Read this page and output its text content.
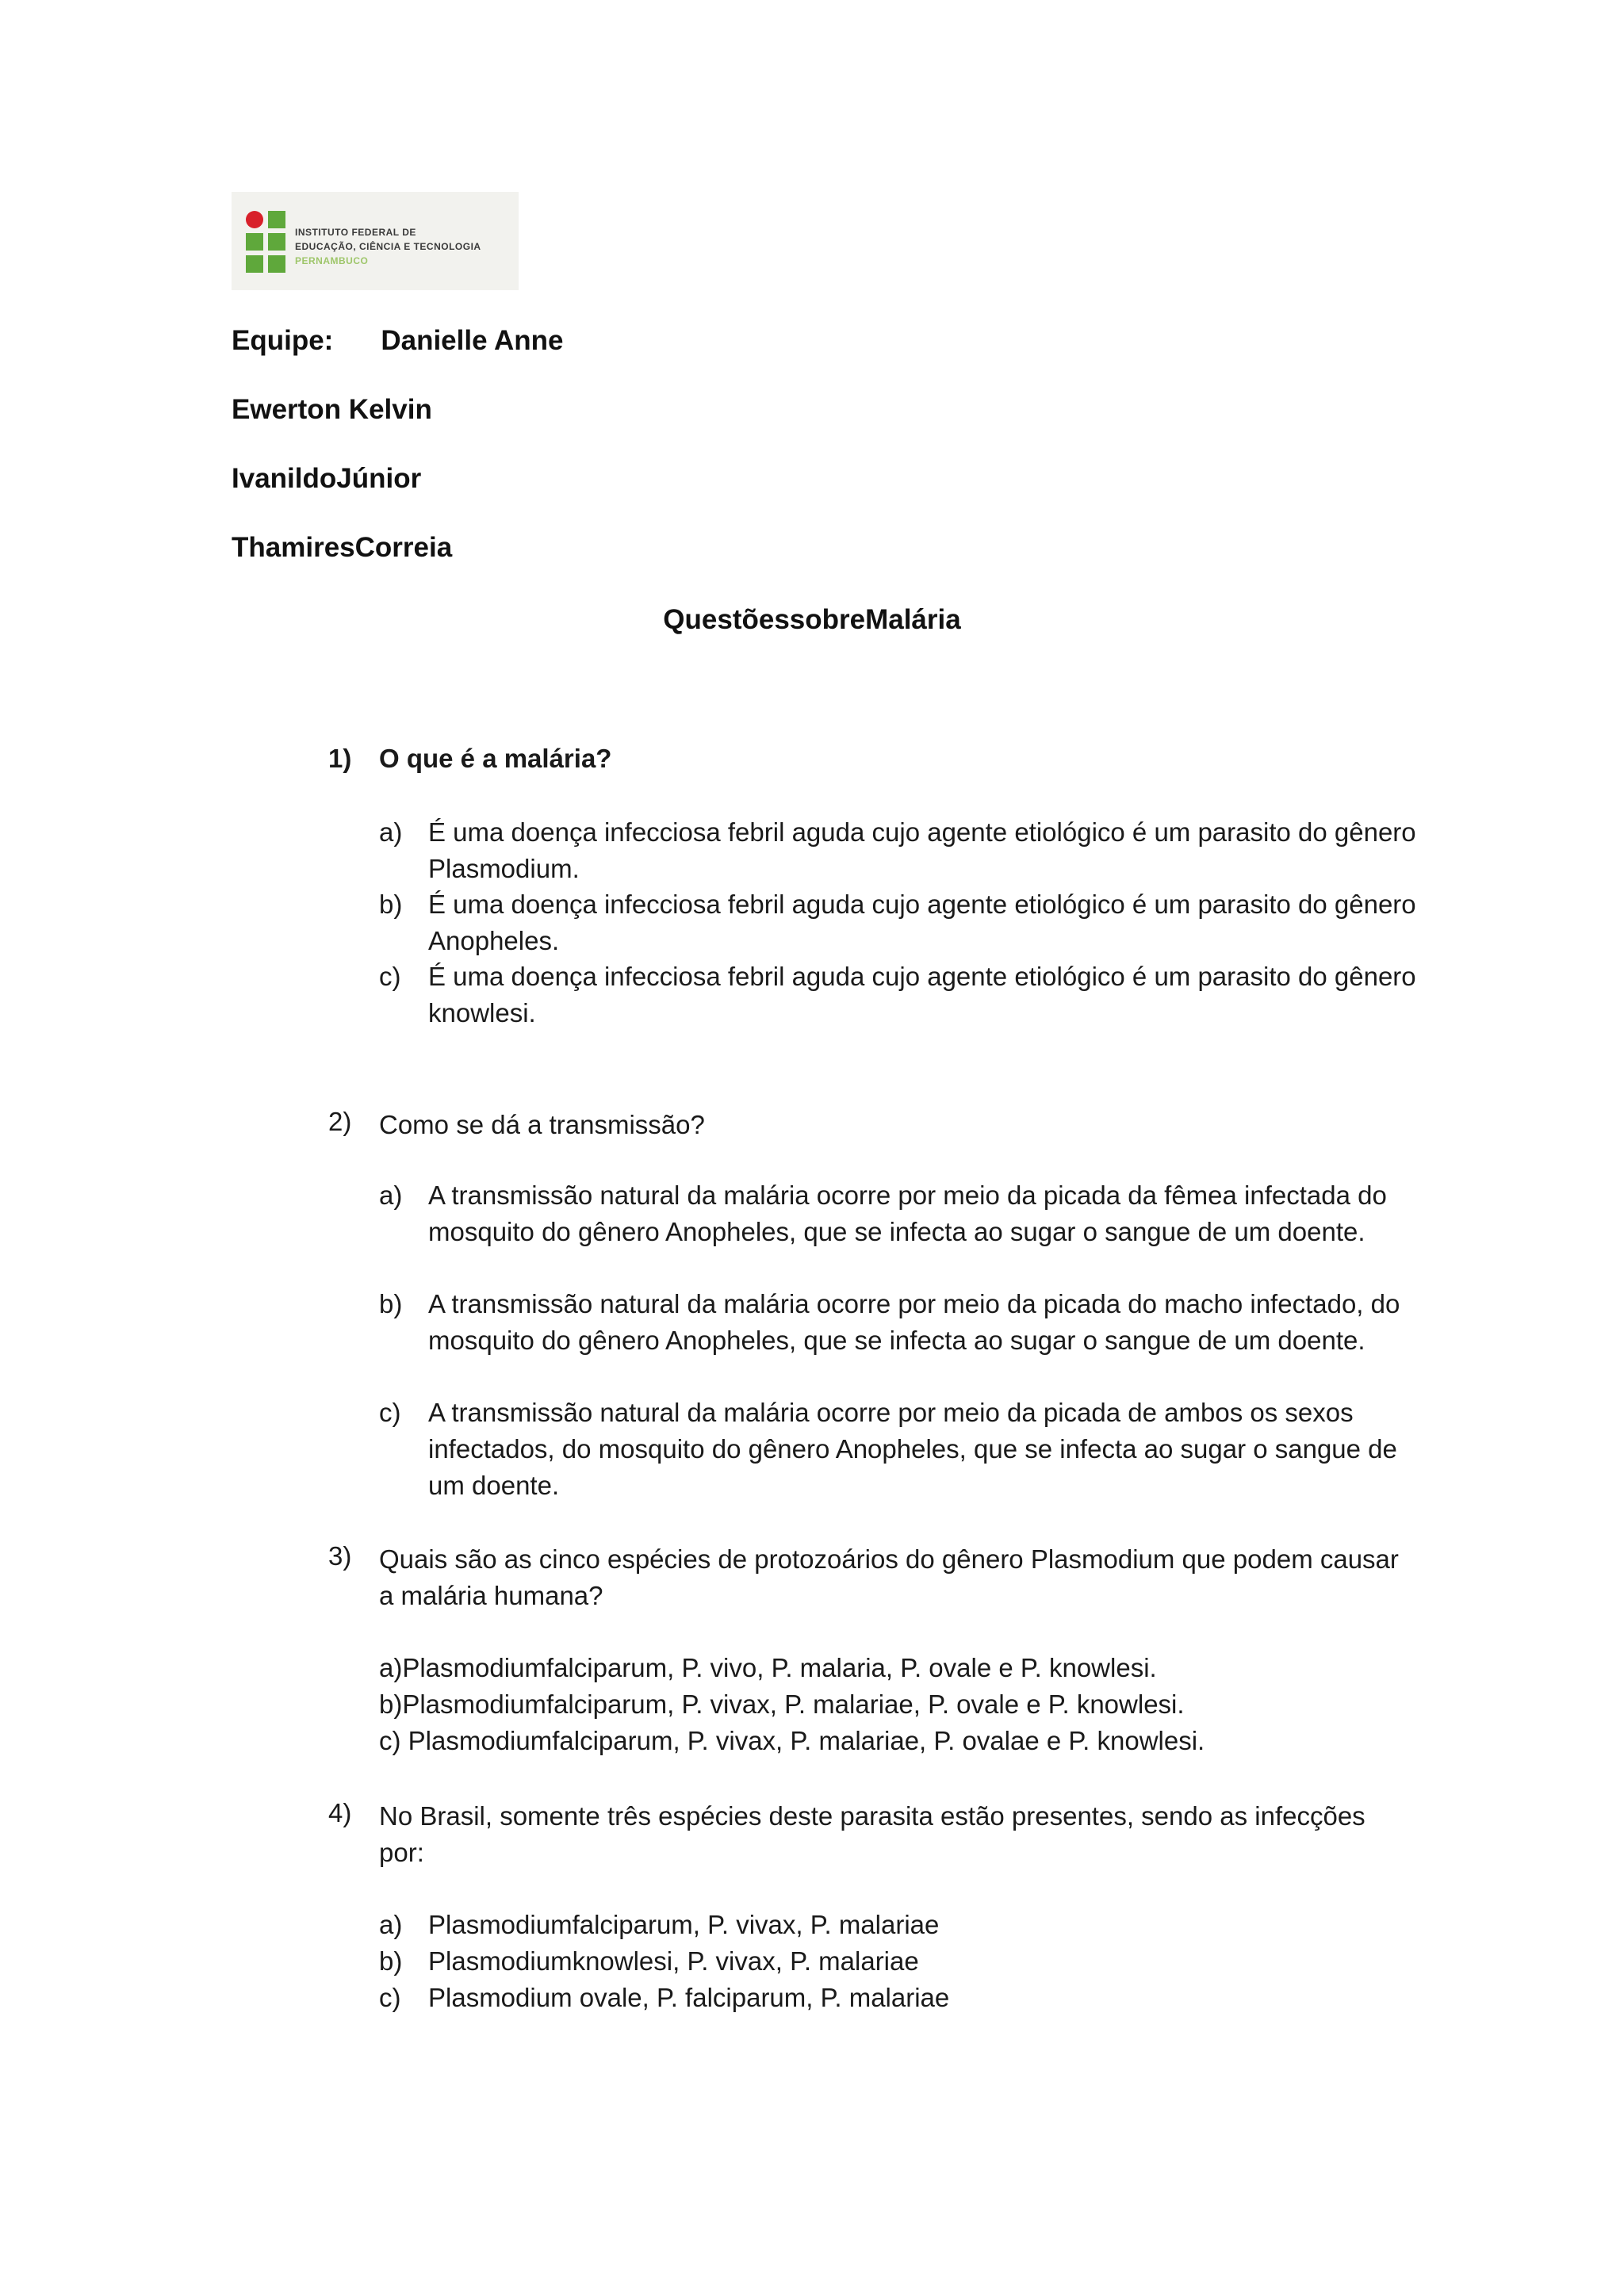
INSTITUTO FEDERAL DE
EDUCAÇÃO, CIÊNCIA E TECNOLOGIA
PERNAMBUCO
Equipe: Danielle Anne
Ewerton Kelvin
IvanildoJúnior
ThamiresCorreia
QuestõessobreMalária
1) O que é a malária?
a) É uma doença infecciosa febril aguda cujo agente etiológico é um parasito do gênero Plasmodium.
b) É uma doença infecciosa febril aguda cujo agente etiológico é um parasito do gênero Anopheles.
c) É uma doença infecciosa febril aguda cujo agente etiológico é um parasito do gênero knowlesi.
2) Como se dá a transmissão?
a) A transmissão natural da malária ocorre por meio da picada da fêmea infectada do mosquito do gênero Anopheles, que se infecta ao sugar o sangue de um doente.
b) A transmissão natural da malária ocorre por meio da picada do macho infectado, do mosquito do gênero Anopheles, que se infecta ao sugar o sangue de um doente.
c) A transmissão natural da malária ocorre por meio da picada de ambos os sexos infectados, do mosquito do gênero Anopheles, que se infecta ao sugar o sangue de um doente.
3) Quais são as cinco espécies de protozoários do gênero Plasmodium que podem causar a malária humana?
a)Plasmodiumfalciparum, P. vivo, P. malaria, P. ovale e P. knowlesi.
b)Plasmodiumfalciparum, P. vivax, P. malariae, P. ovale e P. knowlesi.
c) Plasmodiumfalciparum, P. vivax, P. malariae, P. ovalae e P. knowlesi.
4) No Brasil, somente três espécies deste parasita estão presentes, sendo as infecções por:
a) Plasmodiumfalciparum, P. vivax, P. malariae
b) Plasmodiumknowlesi, P. vivax, P. malariae
c) Plasmodium ovale, P. falciparum, P. malariae
